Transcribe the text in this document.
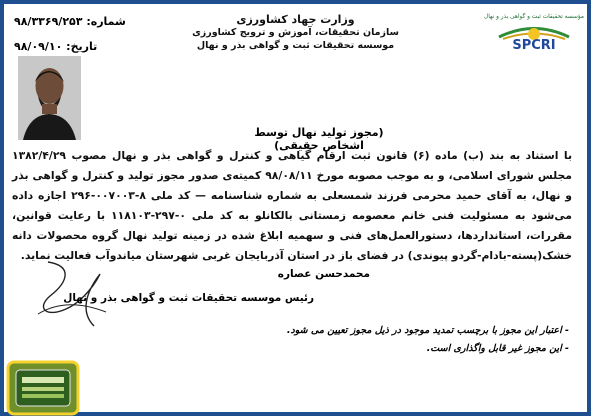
مؤسسه تحقیقات ثبت و گواهی بذر و نهال
SPCRI
وزارت جهاد کشاورزی
سازمان تحقیقات، آموزش و ترویج کشاورزی
موسسه تحقیقات ثبت و گواهی بذر و نهال
شماره: ۹۸/۳۳۶۹/۲۵۳
تاریخ: ۹۸/۰۹/۱۰
(مجوز تولید نهال توسط اشخاص حقیقی)
با استناد به بند (ب) ماده (۶) قانون ثبت ارقام گیاهی و کنترل و گواهی بذر و نهال مصوب ۱۳۸۲/۴/۲۹ مجلس شورای اسلامی، و به موجب مصوبه مورخ ۹۸/۰۸/۱۱ کمیته‌ی صدور مجوز تولید و کنترل و گواهی بذر و نهال، به آقای حمید محرمی فرزند شمسعلی به شماره شناسنامه — کد ملی ۸-۰۰۷۰۰۳-۲۹۶ اجازه داده می‌شود به مسئولیت فنی خانم معصومه زمستانی بالکانلو به کد ملی ۰-۲۹۷-۱۱۸۱۰۳ با رعایت قوانین، مقررات، استانداردها، دستورالعمل‌های فنی و سهمیه ابلاغ شده در زمینه تولید نهال گروه محصولات دانه خشک(پسته-بادام-گردو پیوندی) در فضای باز در استان آذربایجان غربی شهرستان میاندوآب فعالیت نماید.
محمدحسن عصاره
رئیس موسسه تحقیقات ثبت و گواهی بذر و نهال
- اعتبار این مجوز با برچسب تمدید موجود در ذیل مجوز تعیین می شود.
- این مجوز غیر قابل واگذاری است.
